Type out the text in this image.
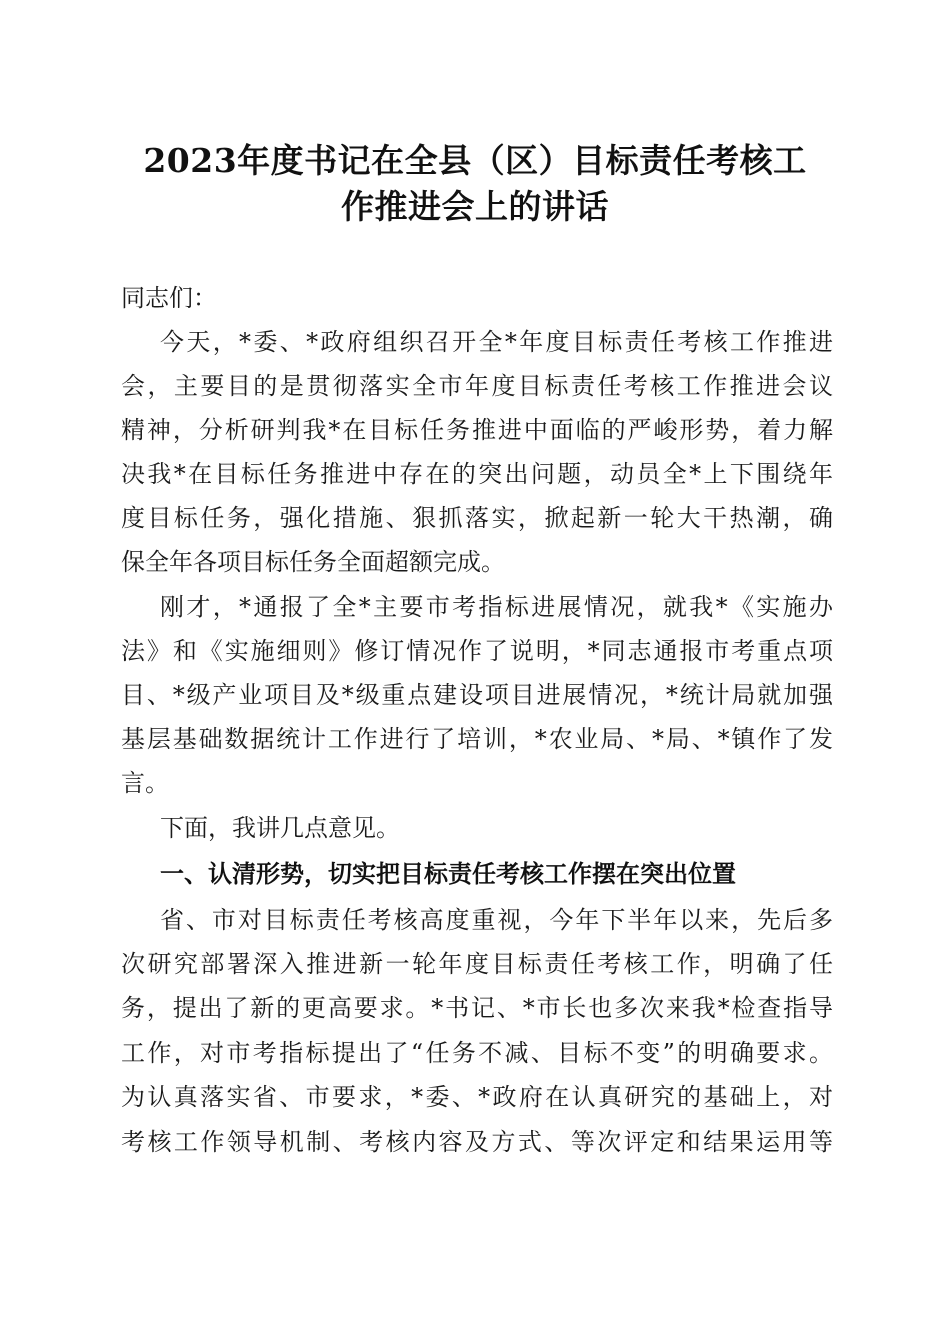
2023年度书记在全县（区）目标责任考核工
作推进会上的讲话
同志们：
今天，*委、*政府组织召开全*年度目标责任考核工作推进
会，主要目的是贯彻落实全市年度目标责任考核工作推进会议
精神，分析研判我*在目标任务推进中面临的严峻形势，着力解
决我*在目标任务推进中存在的突出问题，动员全*上下围绕年
度目标任务，强化措施、狠抓落实，掀起新一轮大干热潮，确
保全年各项目标任务全面超额完成。
刚才，*通报了全*主要市考指标进展情况，就我*《实施办
法》和《实施细则》修订情况作了说明，*同志通报市考重点项
目、*级产业项目及*级重点建设项目进展情况，*统计局就加强
基层基础数据统计工作进行了培训，*农业局、*局、*镇作了发
言。
下面，我讲几点意见。
一、认清形势，切实把目标责任考核工作摆在突出位置
省、市对目标责任考核高度重视，今年下半年以来，先后多
次研究部署深入推进新一轮年度目标责任考核工作，明确了任
务，提出了新的更高要求。*书记、*市长也多次来我*检查指导
工作，对市考指标提出了“任务不减、目标不变”的明确要求。
为认真落实省、市要求，*委、*政府在认真研究的基础上，对
考核工作领导机制、考核内容及方式、等次评定和结果运用等
